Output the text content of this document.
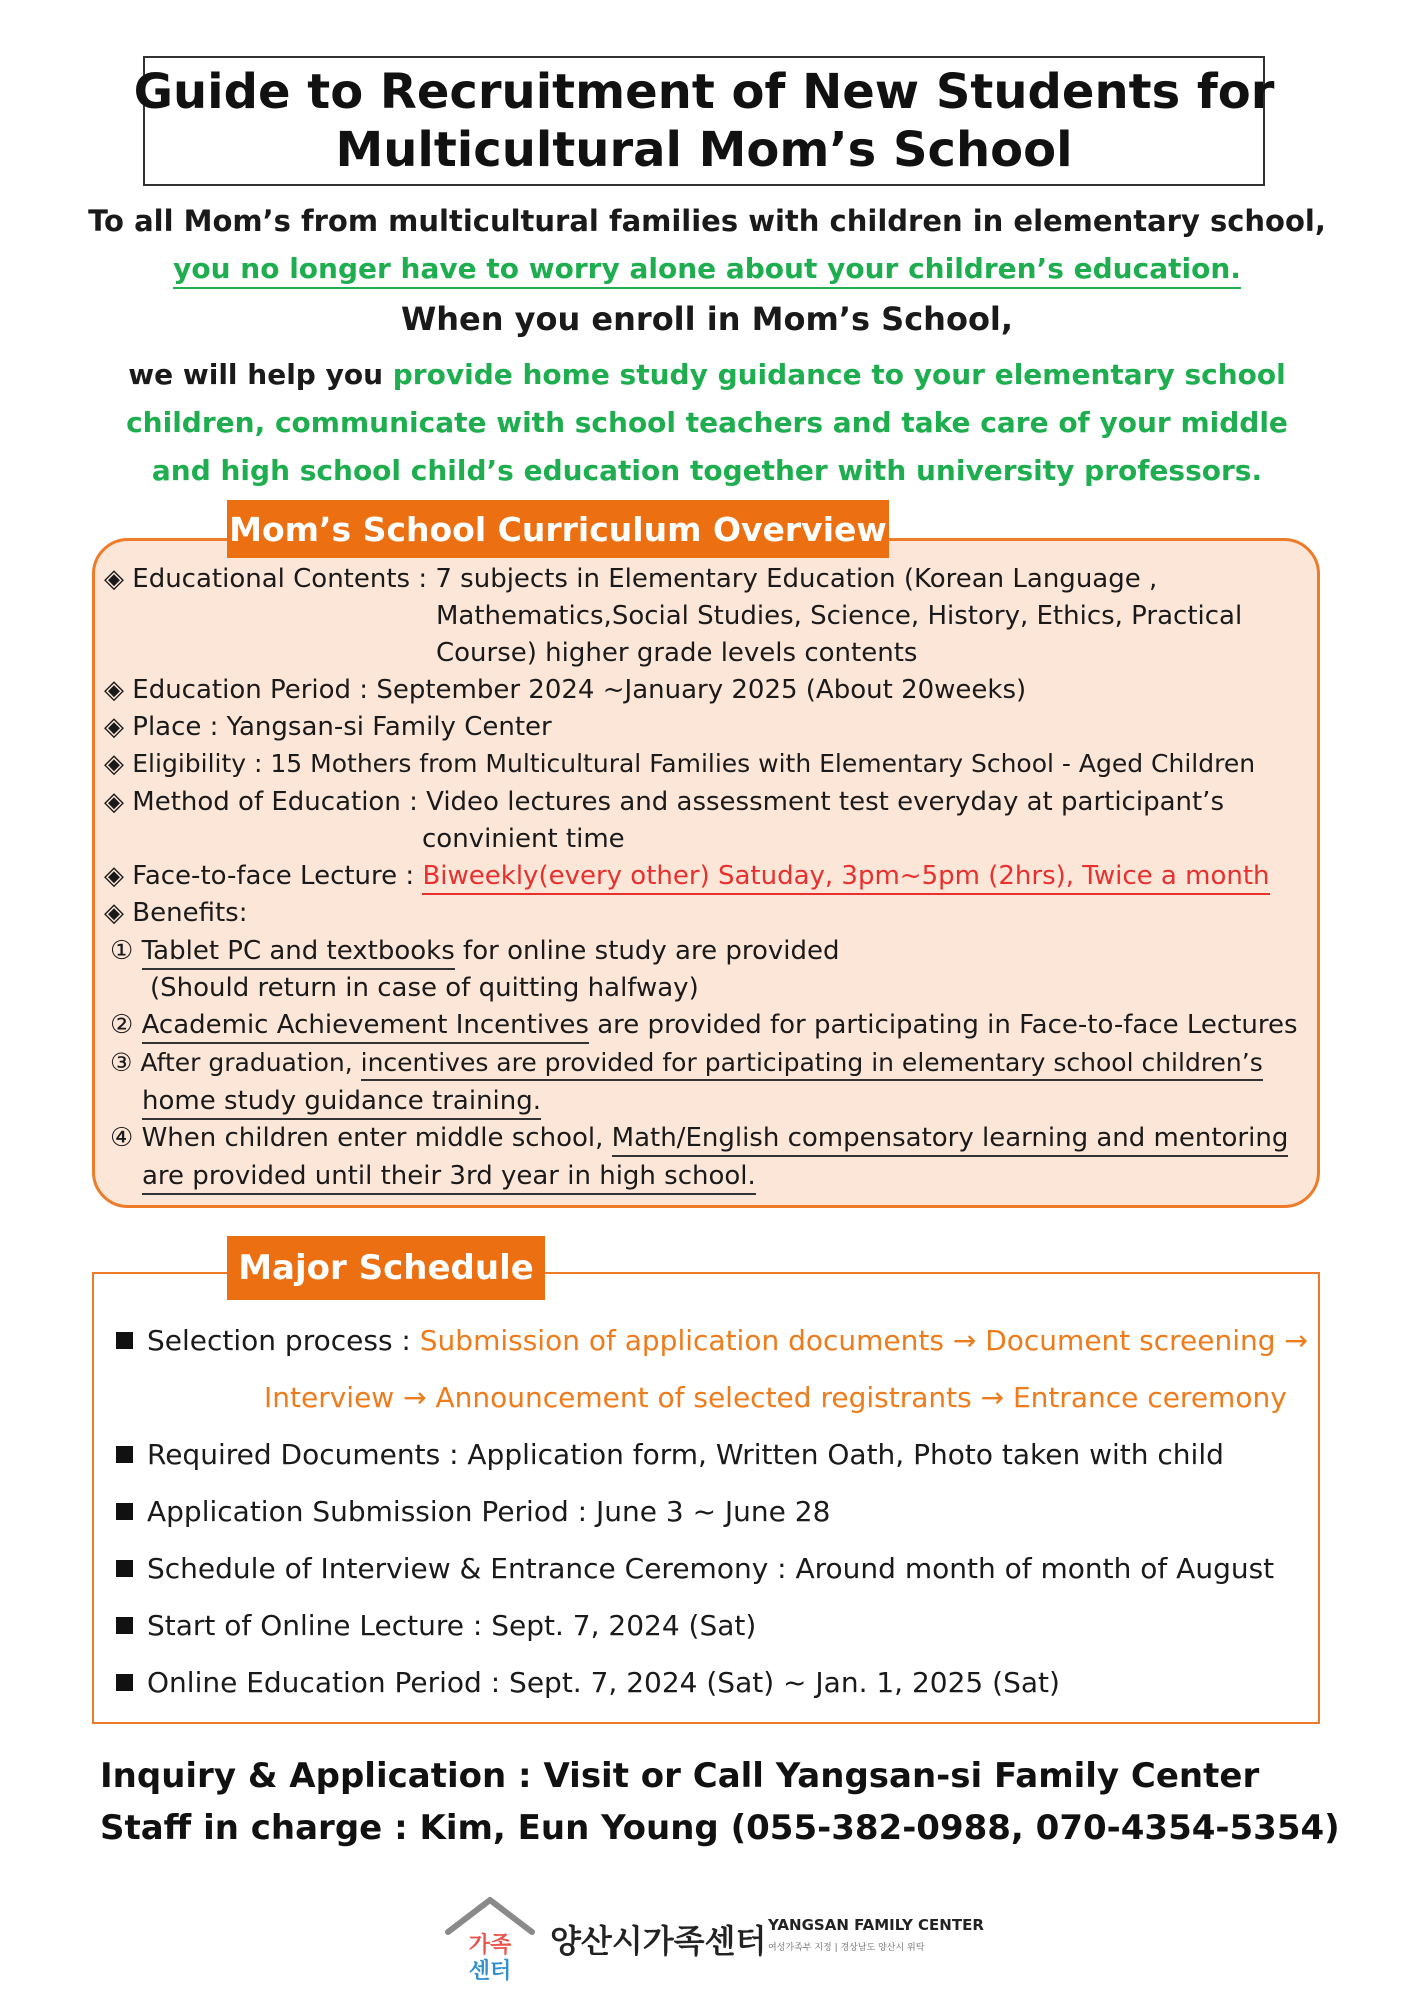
Guide to Recruitment of New Students for
Multicultural Mom’s School
To all Mom’s from multicultural families with children in elementary school,
you no longer have to worry alone about your children’s education.
When you enroll in Mom’s School,
we will help you provide home study guidance to your elementary school
children, communicate with school teachers and take care of your middle
and high school child’s education together with university professors.
Mom’s School Curriculum Overview
◈ Educational Contents : 7 subjects in Elementary Education (Korean Language ,
Mathematics,Social Studies, Science, History, Ethics, Practical
Course) higher grade levels contents
◈ Education Period : September 2024 ~January 2025 (About 20weeks)
◈ Place : Yangsan-si Family Center
◈ Eligibility : 15 Mothers from Multicultural Families with Elementary School - Aged Children
◈ Method of Education : Video lectures and assessment test everyday at participant’s
convinient time
◈ Face-to-face Lecture : Biweekly(every other) Satuday, 3pm~5pm (2hrs), Twice a month
◈ Benefits:
① Tablet PC and textbooks for online study are provided
(Should return in case of quitting halfway)
② Academic Achievement Incentives are provided for participating in Face-to-face Lectures
③ After graduation, incentives are provided for participating in elementary school children’s
home study guidance training.
④ When children enter middle school, Math/English compensatory learning and mentoring
are provided until their 3rd year in high school.
Major Schedule
Selection process : Submission of application documents → Document screening →
Interview → Announcement of selected registrants → Entrance ceremony
Required Documents : Application form, Written Oath, Photo taken with child
Application Submission Period : June 3 ~ June 28
Schedule of Interview & Entrance Ceremony : Around month of month of August
Start of Online Lecture : Sept. 7, 2024 (Sat)
Online Education Period : Sept. 7, 2024 (Sat) ~ Jan. 1, 2025 (Sat)
Inquiry & Application : Visit or Call Yangsan-si Family Center
Staff in charge : Kim, Eun Young (055-382-0988, 070-4354-5354)
가족
센터
양산시가족센터 YANGSAN FAMILY CENTER
여성가족부 지정 | 경상남도 양산시 위탁
